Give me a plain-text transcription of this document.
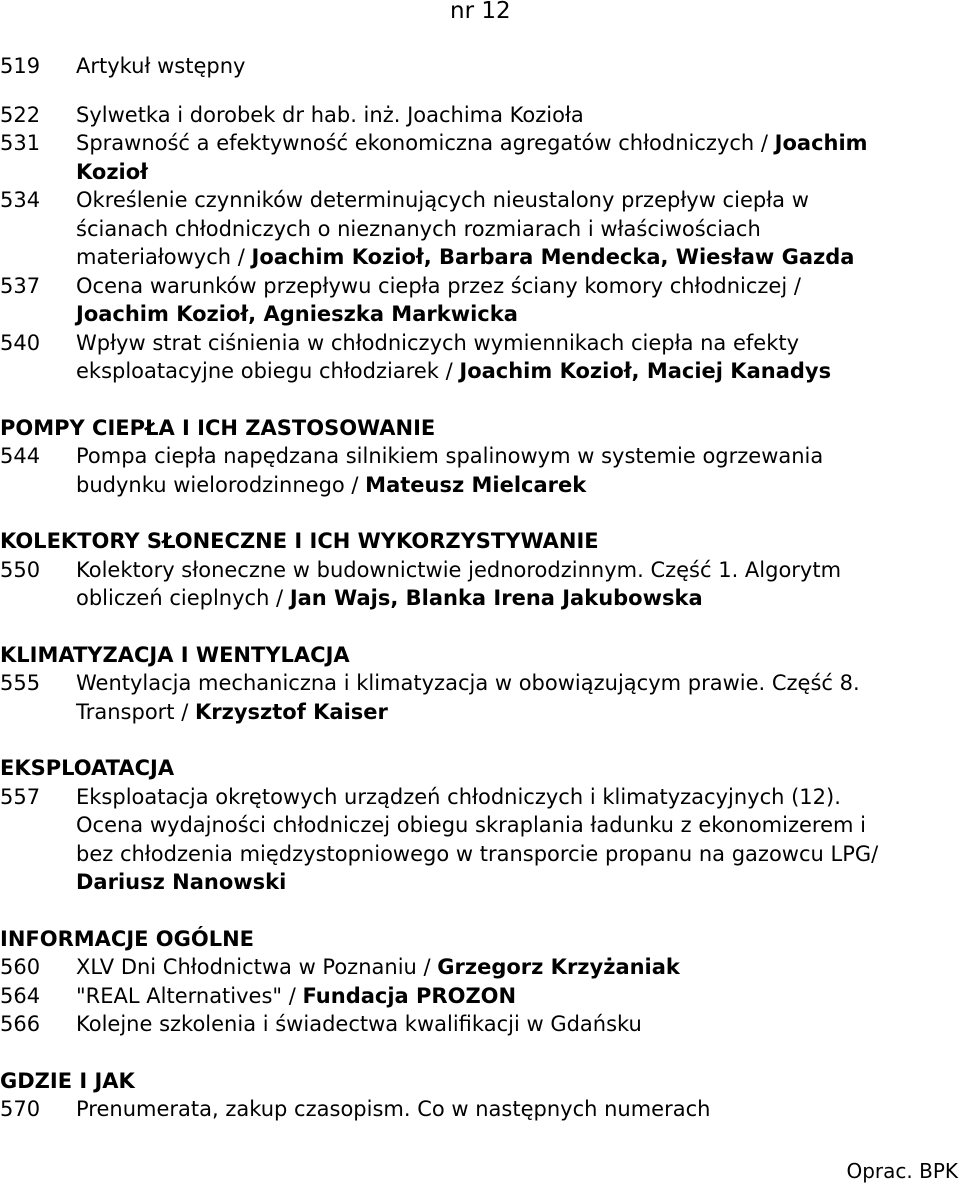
nr 12
519 Artykuł wstępny
522 Sylwetka i dorobek dr hab. inż. Joachima Kozioła
531 Sprawność a efektywność ekonomiczna agregatów chłodniczych / Joachim Kozioł
534 Określenie czynników determinujących nieustalony przepływ ciepła w ścianach chłodniczych o nieznanych rozmiarach i właściwościach materiałowych / Joachim Kozioł, Barbara Mendecka, Wiesław Gazda
537 Ocena warunków przepływu ciepła przez ściany komory chłodniczej / Joachim Kozioł, Agnieszka Markwicka
540 Wpływ strat ciśnienia w chłodniczych wymiennikach ciepła na efekty eksploatacyjne obiegu chłodziarek / Joachim Kozioł, Maciej Kanadys
POMPY CIEPŁA I ICH ZASTOSOWANIE
544 Pompa ciepła napędzana silnikiem spalinowym w systemie ogrzewania budynku wielorodzinnego / Mateusz Mielcarek
KOLEKTORY SŁONECZNE I ICH WYKORZYSTYWANIE
550 Kolektory słoneczne w budownictwie jednorodzinnym. Część 1. Algorytm obliczeń cieplnych / Jan Wajs, Blanka Irena Jakubowska
KLIMATYZACJA I WENTYLACJA
555 Wentylacja mechaniczna i klimatyzacja w obowiązującym prawie. Część 8. Transport / Krzysztof Kaiser
EKSPLOATACJA
557 Eksploatacja okrętowych urządzeń chłodniczych i klimatyzacyjnych (12). Ocena wydajności chłodniczej obiegu skraplania ładunku z ekonomizerem i bez chłodzenia międzystopniowego w transporcie propanu na gazowcu LPG/ Dariusz Nanowski
INFORMACJE OGÓLNE
560 XLV Dni Chłodnictwa w Poznaniu / Grzegorz Krzyżaniak
564 "REAL Alternatives" / Fundacja PROZON
566 Kolejne szkolenia i świadectwa kwalifikacji w Gdańsku
GDZIE I JAK
570 Prenumerata, zakup czasopism. Co w następnych numerach
Oprac. BPK
